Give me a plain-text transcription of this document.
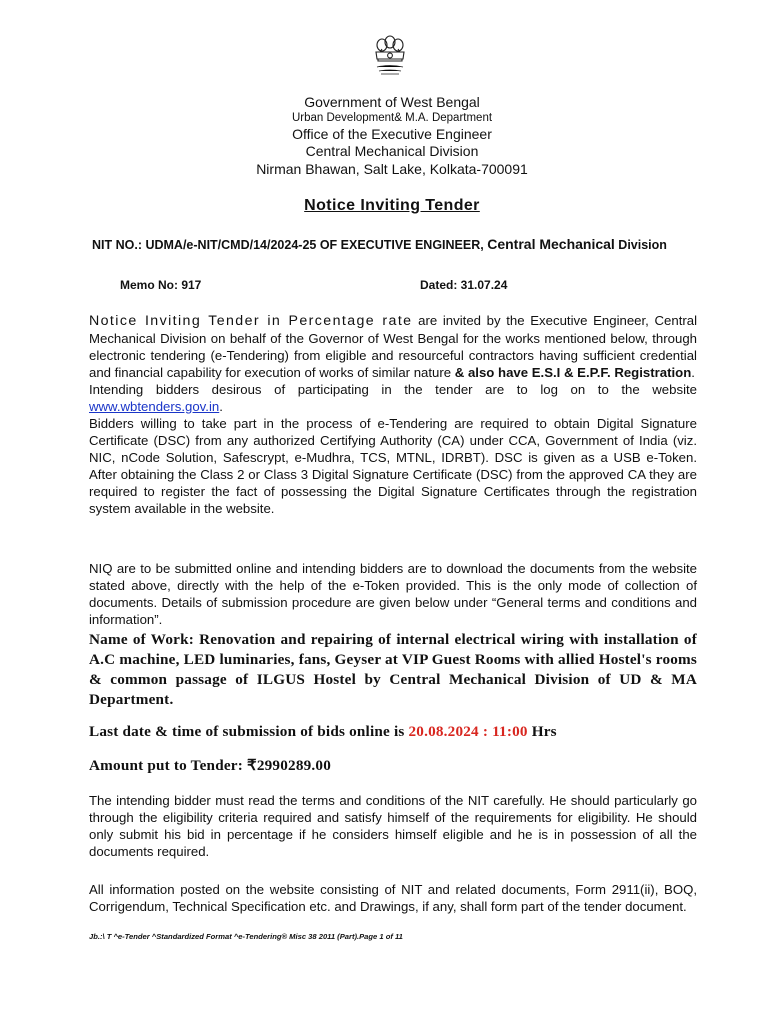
Government of West Bengal
Urban Development& M.A. Department
Office of the Executive Engineer
Central Mechanical Division
Nirman Bhawan, Salt Lake, Kolkata-700091
Notice Inviting Tender
NIT NO.: UDMA/e-NIT/CMD/14/2024-25 OF EXECUTIVE ENGINEER, Central Mechanical Division
Memo No: 917	Dated: 31.07.24

Notice Inviting Tender in Percentage rate are invited by the Executive Engineer, Central Mechanical Division on behalf of the Governor of West Bengal for the works mentioned below, through electronic tendering (e-Tendering) from eligible and resourceful contractors having sufficient credential and financial capability for execution of works of similar nature & also have E.S.I & E.P.F. Registration.

Intending bidders desirous of participating in the tender are to log on to the website www.wbtenders.gov.in.

Bidders willing to take part in the process of e-Tendering are required to obtain Digital Signature Certificate (DSC) from any authorized Certifying Authority (CA) under CCA, Government of India (viz. NIC, nCode Solution, Safescrypt, e-Mudhra, TCS, MTNL, IDRBT). DSC is given as a USB e-Token. After obtaining the Class 2 or Class 3 Digital Signature Certificate (DSC) from the approved CA they are required to register the fact of possessing the Digital Signature Certificates through the registration system available in the website.

NIQ are to be submitted online and intending bidders are to download the documents from the website stated above, directly with the help of the e-Token provided. This is the only mode of collection of documents. Details of submission procedure are given below under “General terms and conditions and information”.
Name of Work: Renovation and repairing of internal electrical wiring with installation of A.C machine, LED luminaries, fans, Geyser at VIP Guest Rooms with allied Hostel's rooms & common passage of ILGUS Hostel by Central Mechanical Division of UD & MA Department.
Last date & time of submission of bids online is 20.08.2024 : 11:00 Hrs
Amount put to Tender: ₹2990289.00
The intending bidder must read the terms and conditions of the NIT carefully. He should particularly go through the eligibility criteria required and satisfy himself of the requirements for eligibility. He should only submit his bid in percentage if he considers himself eligible and he is in possession of all the documents required.
All information posted on the website consisting of NIT and related documents, Form 2911(ii), BOQ, Corrigendum, Technical Specification etc. and Drawings, if any, shall form part of the tender document.
Jb.:\ T ^e-Tender ^Standardized Format ^e-Tendering® Misc 38 2011 (Part).Page 1 of 11
